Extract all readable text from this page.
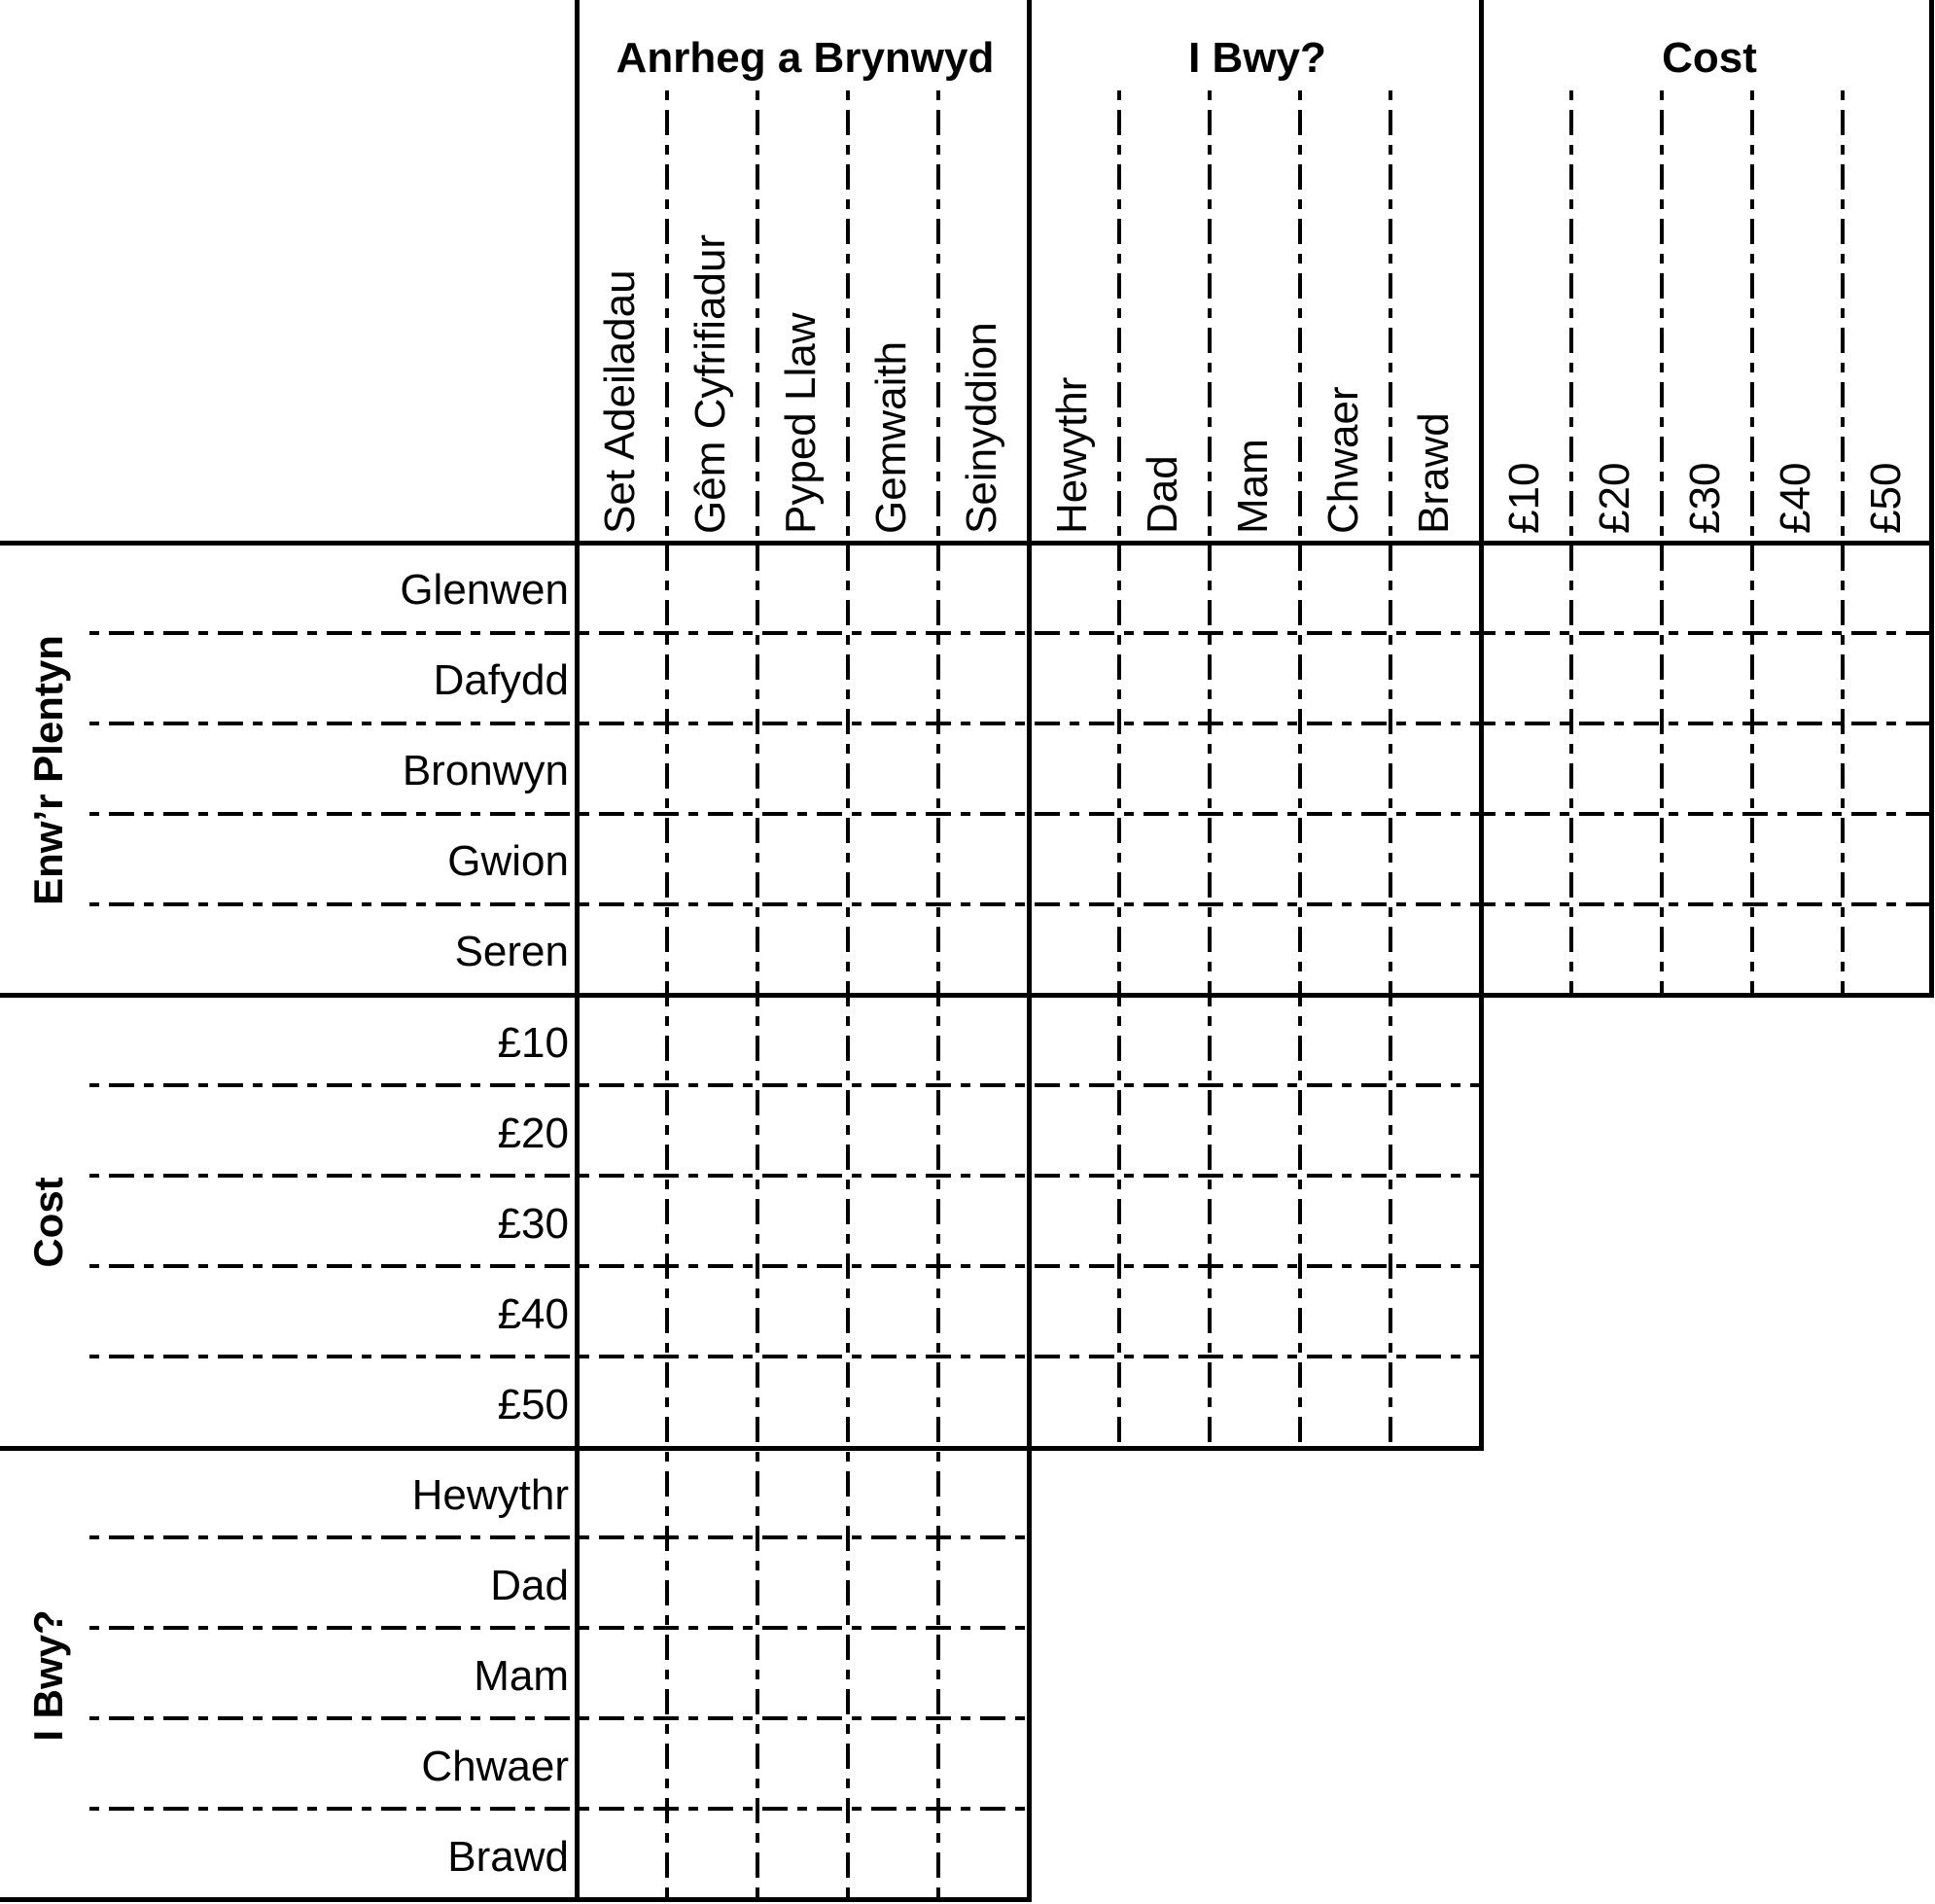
Anrheg a Brynwyd	I Bwy?	Cost
Set Adeiladau Gêm Cyfrifiadur Pyped Llaw Gemwaith Seinyddion Hewythr Dad Mam Chwaer Brawd £10 £20 £30 £40 £50
Enw’r Plentyn
Cost
I Bwy?
Glenwen
Dafydd
Bronwyn
Gwion
Seren
£10
£20
£30
£40
£50
Hewythr
Dad
Mam
Chwaer
Brawd
